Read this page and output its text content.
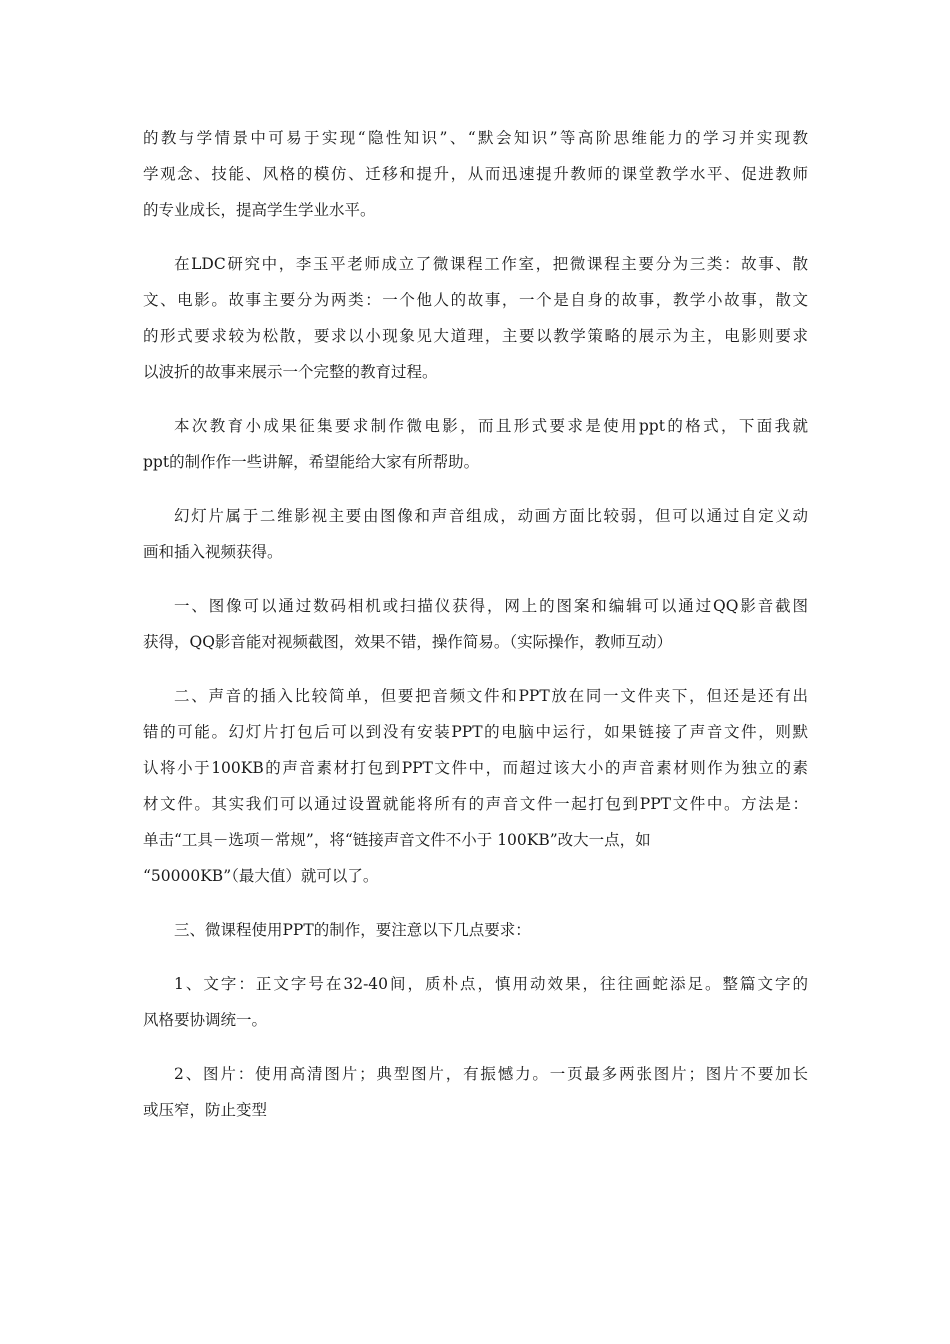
的教与学情景中可易于实现“隐性知识”、“默会知识”等高阶思维能力的学习并实现教
学观念、技能、风格的模仿、迁移和提升，从而迅速提升教师的课堂教学水平、促进教师
的专业成长，提高学生学业水平。
在LDC研究中，李玉平老师成立了微课程工作室，把微课程主要分为三类：故事、散
文、电影。故事主要分为两类：一个他人的故事，一个是自身的故事，教学小故事，散文
的形式要求较为松散，要求以小现象见大道理，主要以教学策略的展示为主，电影则要求
以波折的故事来展示一个完整的教育过程。
本次教育小成果征集要求制作微电影，而且形式要求是使用ppt的格式，下面我就
ppt的制作作一些讲解，希望能给大家有所帮助。
幻灯片属于二维影视主要由图像和声音组成，动画方面比较弱，但可以通过自定义动
画和插入视频获得。
一、图像可以通过数码相机或扫描仪获得，网上的图案和编辑可以通过QQ影音截图
获得，QQ影音能对视频截图，效果不错，操作简易。（实际操作，教师互动）
二、声音的插入比较简单，但要把音频文件和PPT放在同一文件夹下，但还是还有出
错的可能。幻灯片打包后可以到没有安装PPT的电脑中运行，如果链接了声音文件，则默
认将小于100KB的声音素材打包到PPT文件中，而超过该大小的声音素材则作为独立的素
材文件。其实我们可以通过设置就能将所有的声音文件一起打包到PPT文件中。方法是：
单击“工具－选项－常规”，将“链接声音文件不小于 100KB”改大一点，如
“50000KB”（最大值）就可以了。
三、微课程使用PPT的制作，要注意以下几点要求：
1、文字：正文字号在32-40间，质朴点，慎用动效果，往往画蛇添足。整篇文字的
风格要协调统一。
2、图片：使用高清图片；典型图片，有振憾力。一页最多两张图片；图片不要加长
或压窄，防止变型
